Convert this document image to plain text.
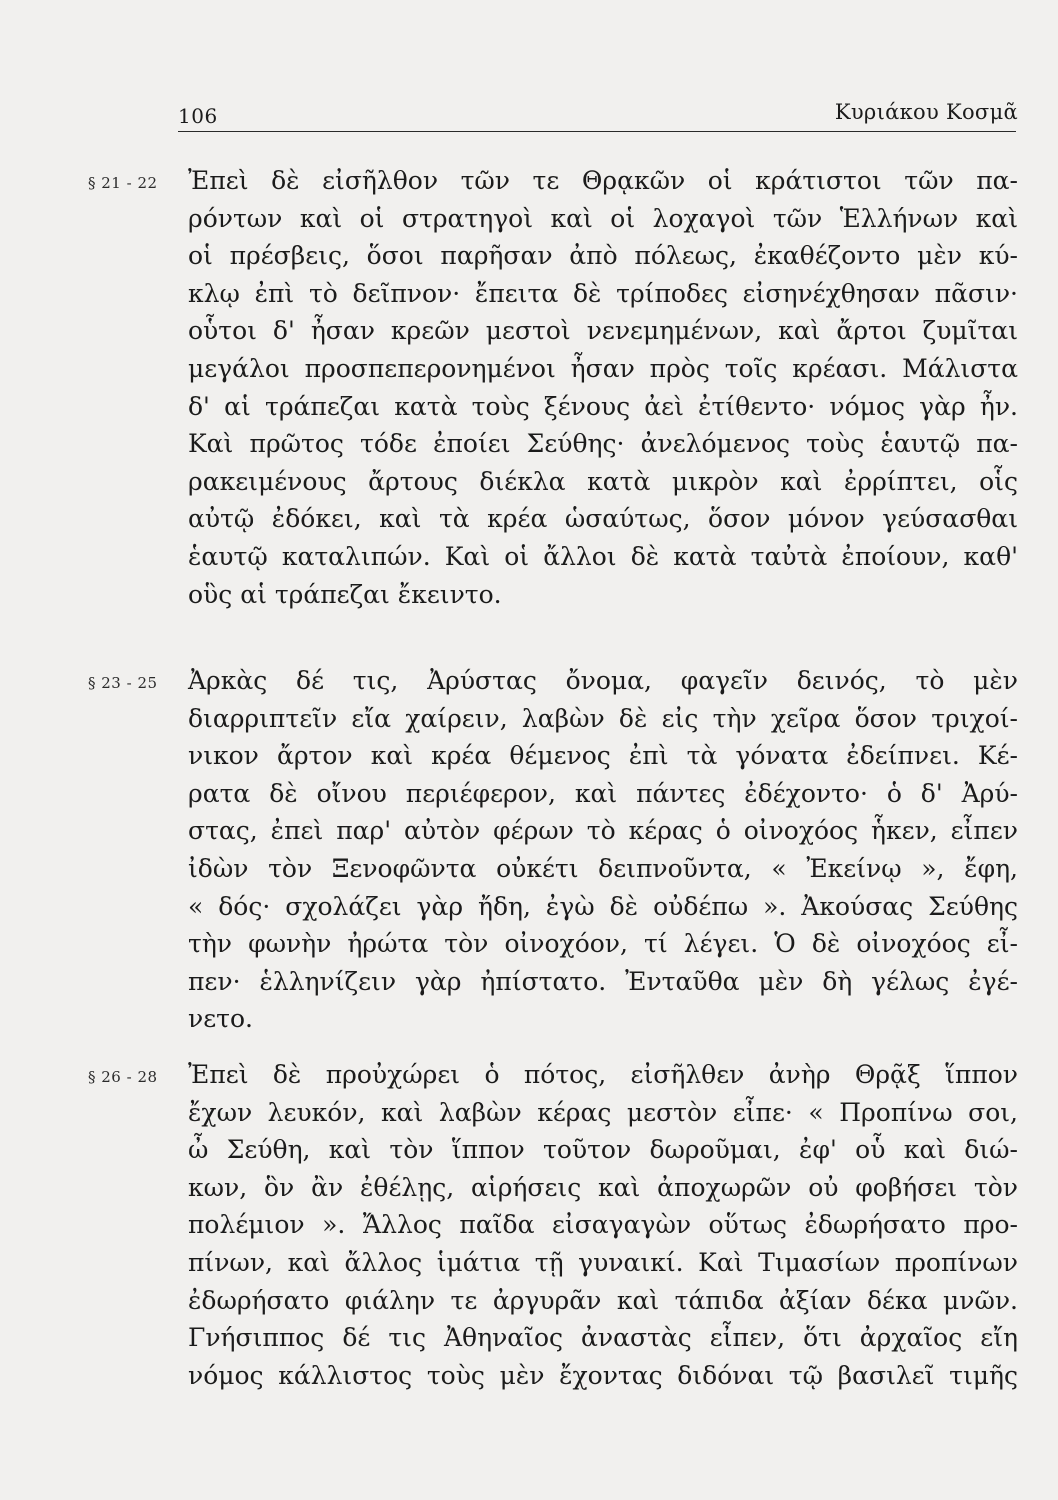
106	Κυριάκου Κοσμᾶ
§ 21 - 22 Ἐπεὶ δὲ εἰσῆλθον τῶν τε Θρᾳκῶν οἱ κράτιστοι τῶν πα-
ρόντων καὶ οἱ στρατηγοὶ καὶ οἱ λοχαγοὶ τῶν Ἑλλήνων καὶ
οἱ πρέσβεις, ὅσοι παρῆσαν ἀπὸ πόλεως, ἐκαθέζοντο μὲν κύ-
κλῳ ἐπὶ τὸ δεῖπνον· ἔπειτα δὲ τρίποδες εἰσηνέχθησαν πᾶσιν·
οὗτοι δ' ἦσαν κρεῶν μεστοὶ νενεμημένων, καὶ ἄρτοι ζυμῖται
μεγάλοι προσπεπερονημένοι ἦσαν πρὸς τοῖς κρέασι. Μάλιστα
δ' αἱ τράπεζαι κατὰ τοὺς ξένους ἀεὶ ἐτίθεντο· νόμος γὰρ ἦν.
Καὶ πρῶτος τόδε ἐποίει Σεύθης· ἀνελόμενος τοὺς ἑαυτῷ πα-
ρακειμένους ἄρτους διέκλα κατὰ μικρὸν καὶ ἐρρίπτει, οἷς
αὐτῷ ἐδόκει, καὶ τὰ κρέα ὡσαύτως, ὅσον μόνον γεύσασθαι
ἑαυτῷ καταλιπών. Καὶ οἱ ἄλλοι δὲ κατὰ ταὐτὰ ἐποίουν, καθ'
οὓς αἱ τράπεζαι ἔκειντο.
§ 23 - 25 Ἀρκὰς δέ τις, Ἀρύστας ὄνομα, φαγεῖν δεινός, τὸ μὲν
διαρριπτεῖν εἴα χαίρειν, λαβὼν δὲ εἰς τὴν χεῖρα ὅσον τριχοί-
νικον ἄρτον καὶ κρέα θέμενος ἐπὶ τὰ γόνατα ἐδείπνει. Κέ-
ρατα δὲ οἴνου περιέφερον, καὶ πάντες ἐδέχοντο· ὁ δ' Ἀρύ-
στας, ἐπεὶ παρ' αὐτὸν φέρων τὸ κέρας ὁ οἰνοχόος ἧκεν, εἶπεν
ἰδὼν τὸν Ξενοφῶντα οὐκέτι δειπνοῦντα, « Ἐκείνῳ », ἔφη,
« δός· σχολάζει γὰρ ἤδη, ἐγὼ δὲ οὐδέπω ». Ἀκούσας Σεύθης
τὴν φωνὴν ἠρώτα τὸν οἰνοχόον, τί λέγει. Ὁ δὲ οἰνοχόος εἶ-
πεν· ἑλληνίζειν γὰρ ἠπίστατο. Ἐνταῦθα μὲν δὴ γέλως ἐγέ-
νετο.
§ 26 - 28 Ἐπεὶ δὲ προὐχώρει ὁ πότος, εἰσῆλθεν ἀνὴρ Θρᾷξ ἵππον
ἔχων λευκόν, καὶ λαβὼν κέρας μεστὸν εἶπε· « Προπίνω σοι,
ὦ Σεύθη, καὶ τὸν ἵππον τοῦτον δωροῦμαι, ἐφ' οὗ καὶ διώ-
κων, ὃν ἂν ἐθέλῃς, αἱρήσεις καὶ ἀποχωρῶν οὐ φοβήσει τὸν
πολέμιον ». Ἄλλος παῖδα εἰσαγαγὼν οὕτως ἐδωρήσατο προ-
πίνων, καὶ ἄλλος ἱμάτια τῇ γυναικί. Καὶ Τιμασίων προπίνων
ἐδωρήσατο φιάλην τε ἀργυρᾶν καὶ τάπιδα ἀξίαν δέκα μνῶν.
Γνήσιππος δέ τις Ἀθηναῖος ἀναστὰς εἶπεν, ὅτι ἀρχαῖος εἴη
νόμος κάλλιστος τοὺς μὲν ἔχοντας διδόναι τῷ βασιλεῖ τιμῆς
